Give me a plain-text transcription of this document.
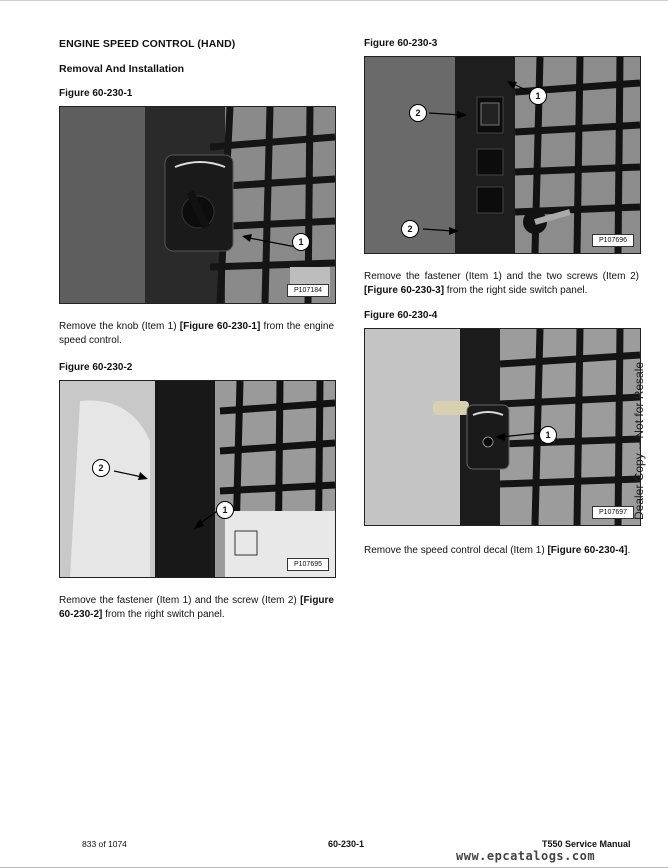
ENGINE SPEED CONTROL (HAND)
Removal And Installation
Figure 60-230-1
1
P107184
Remove the knob (Item 1) [Figure 60-230-1] from the engine speed control.
Figure 60-230-2
2
1
P107695
Remove the fastener (Item 1) and the screw (Item 2) [Figure 60-230-2] from the right switch panel.
Figure 60-230-3
1
2
2
P107696
Remove the fastener (Item 1) and the two screws (Item 2) [Figure 60-230-3] from the right side switch panel.
Figure 60-230-4
1
P107697
Remove the speed control decal (Item 1) [Figure 60-230-4].
Dealer Copy -- Not for Resale
833 of 1074	60-230-1	T550 Service Manual
www.epcatalogs.com
